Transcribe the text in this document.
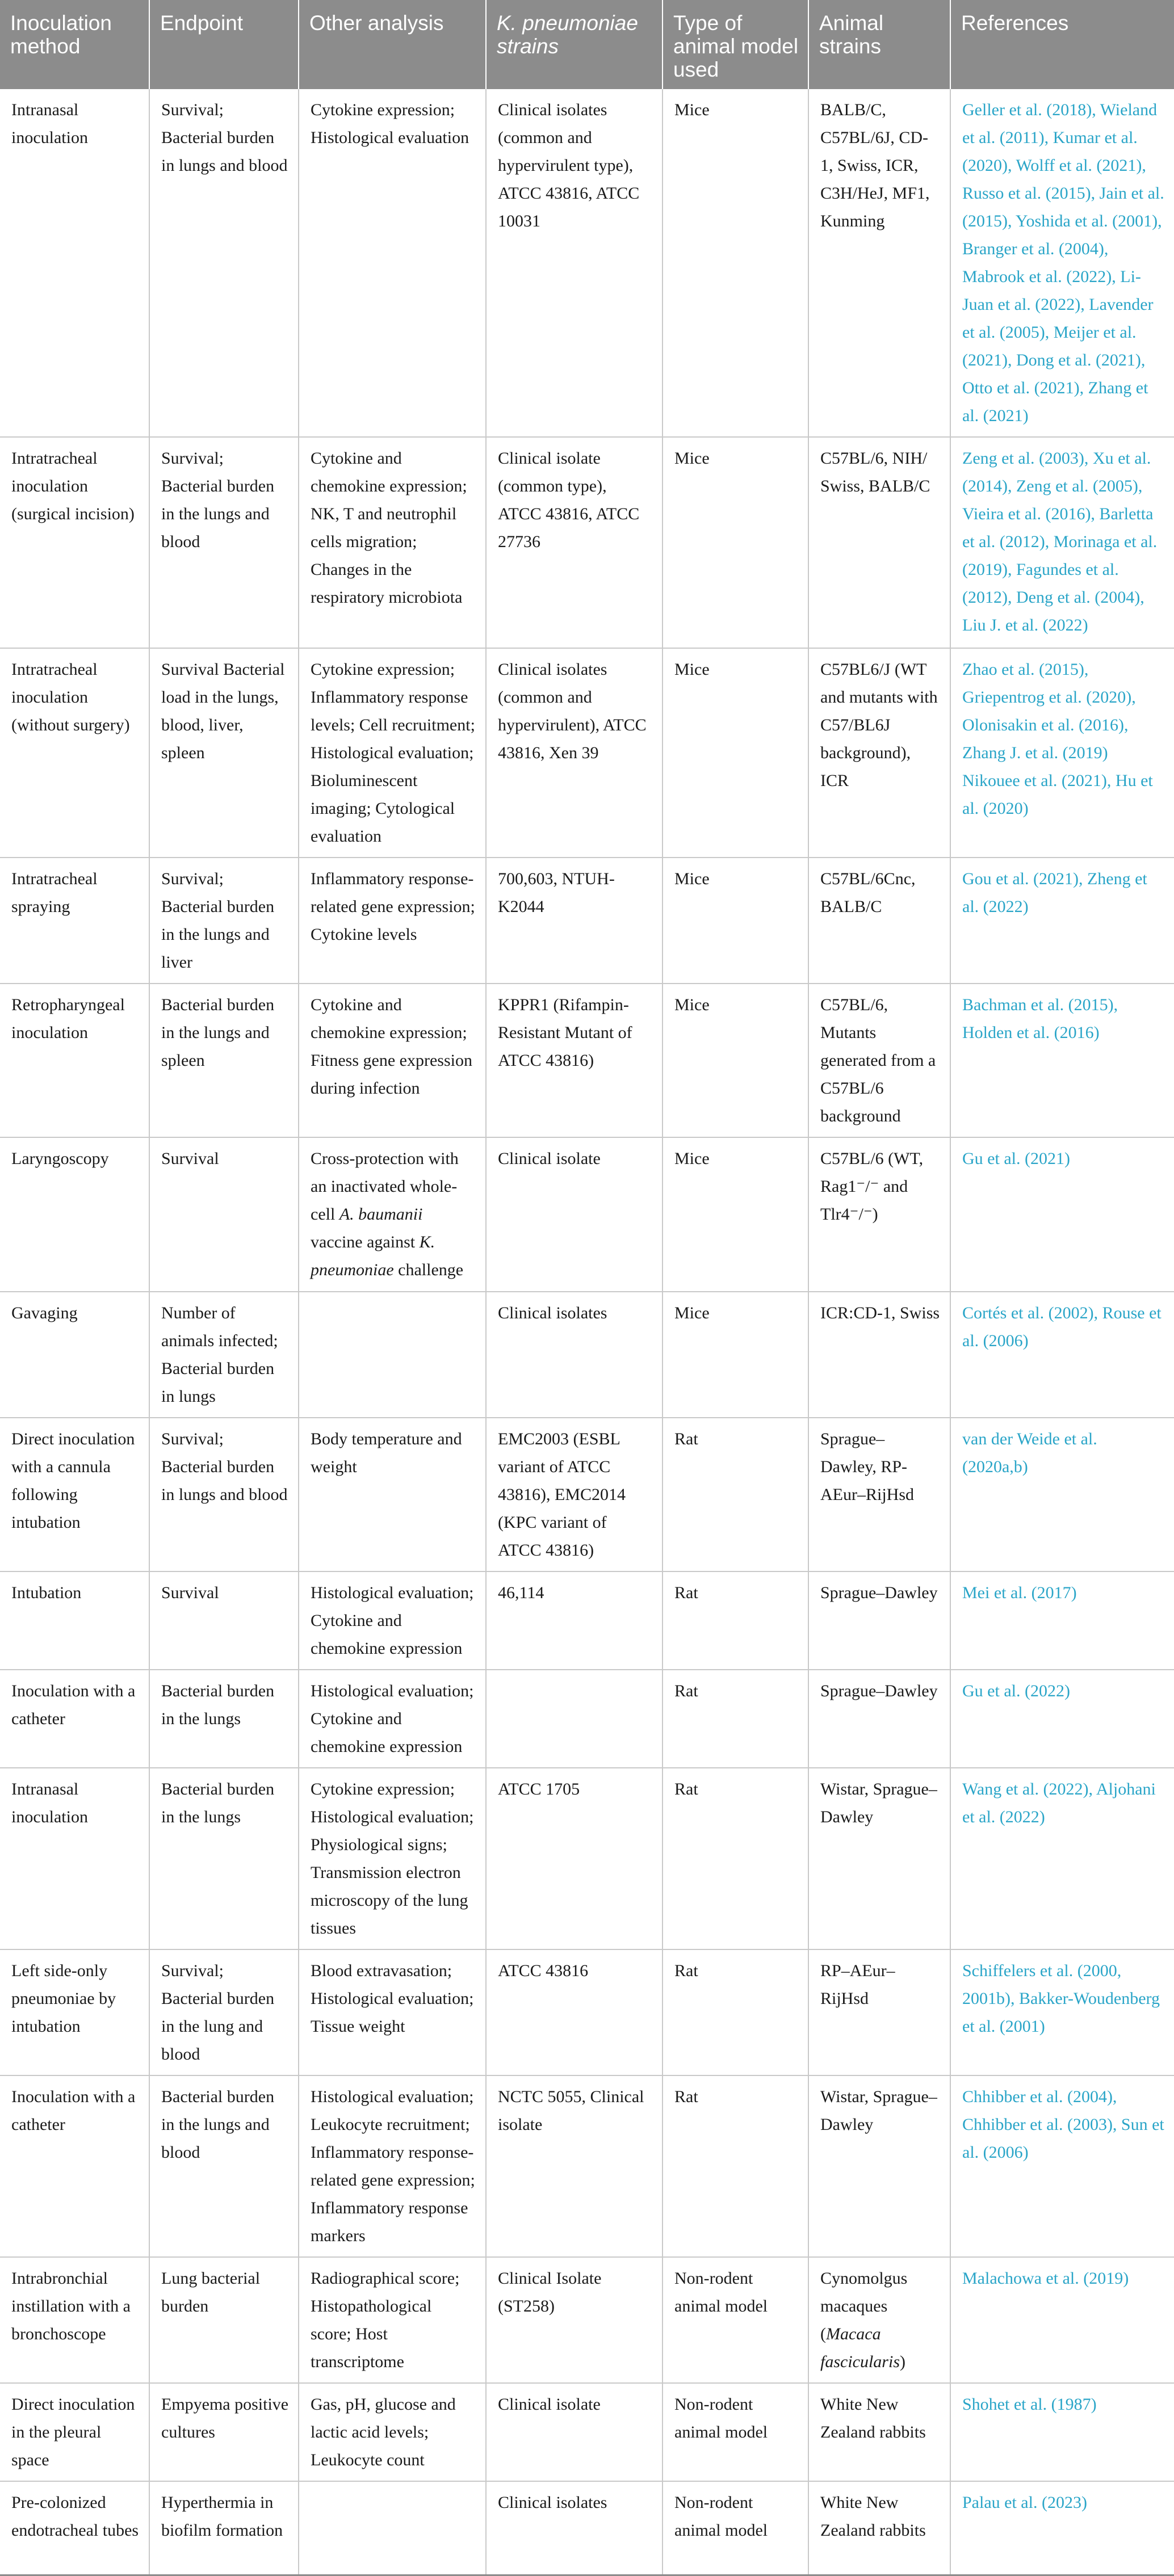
Inoculation method	Endpoint	Other analysis	K. pneumoniae strains	Type of animal model used	Animal strains	References
Intranasal inoculation	Survival; Bacterial burden in lungs and blood	Cytokine expression; Histological evaluation	Clinical isolates (common and hypervirulent type), ATCC 43816, ATCC 10031	Mice	BALB/C, C57BL/6J, CD-1, Swiss, ICR, C3H/HeJ, MF1, Kunming	Geller et al. (2018), Wieland et al. (2011), Kumar et al. (2020), Wolff et al. (2021), Russo et al. (2015), Jain et al. (2015), Yoshida et al. (2001), Branger et al. (2004), Mabrook et al. (2022), Li-Juan et al. (2022), Lavender et al. (2005), Meijer et al. (2021), Dong et al. (2021), Otto et al. (2021), Zhang et al. (2021)
Intratracheal inoculation (surgical incision)	Survival; Bacterial burden in the lungs and blood	Cytokine and chemokine expression; NK, T and neutrophil cells migration; Changes in the respiratory microbiota	Clinical isolate (common type), ATCC 43816, ATCC 27736	Mice	C57BL/6, NIH/ Swiss, BALB/C	Zeng et al. (2003), Xu et al. (2014), Zeng et al. (2005), Vieira et al. (2016), Barletta et al. (2012), Morinaga et al. (2019), Fagundes et al. (2012), Deng et al. (2004), Liu J. et al. (2022)
Intratracheal inoculation (without surgery)	Survival Bacterial load in the lungs, blood, liver, spleen	Cytokine expression; Inflammatory response levels; Cell recruitment; Histological evaluation; Bioluminescent imaging; Cytological evaluation	Clinical isolates (common and hypervirulent), ATCC 43816, Xen 39	Mice	C57BL6/J (WT and mutants with C57/BL6J background), ICR	Zhao et al. (2015), Griepentrog et al. (2020), Olonisakin et al. (2016), Zhang J. et al. (2019) Nikouee et al. (2021), Hu et al. (2020)
Intratracheal spraying	Survival; Bacterial burden in the lungs and liver	Inflammatory response-related gene expression; Cytokine levels	700,603, NTUH-K2044	Mice	C57BL/6Cnc, BALB/C	Gou et al. (2021), Zheng et al. (2022)
Retropharyngeal inoculation	Bacterial burden in the lungs and spleen	Cytokine and chemokine expression; Fitness gene expression during infection	KPPR1 (Rifampin-Resistant Mutant of ATCC 43816)	Mice	C57BL/6, Mutants generated from a C57BL/6 background	Bachman et al. (2015), Holden et al. (2016)
Laryngoscopy	Survival	Cross-protection with an inactivated whole-cell A. baumanii vaccine against K. pneumoniae challenge	Clinical isolate	Mice	C57BL/6 (WT, Rag1⁻/⁻ and Tlr4⁻/⁻)	Gu et al. (2021)
Gavaging	Number of animals infected; Bacterial burden in lungs		Clinical isolates	Mice	ICR:CD-1, Swiss	Cortés et al. (2002), Rouse et al. (2006)
Direct inoculation with a cannula following intubation	Survival; Bacterial burden in lungs and blood	Body temperature and weight	EMC2003 (ESBL variant of ATCC 43816), EMC2014 (KPC variant of ATCC 43816)	Rat	Sprague–Dawley, RP-AEur–RijHsd	van der Weide et al. (2020a,b)
Intubation	Survival	Histological evaluation; Cytokine and chemokine expression	46,114	Rat	Sprague–Dawley	Mei et al. (2017)
Inoculation with a catheter	Bacterial burden in the lungs	Histological evaluation; Cytokine and chemokine expression		Rat	Sprague–Dawley	Gu et al. (2022)
Intranasal inoculation	Bacterial burden in the lungs	Cytokine expression; Histological evaluation; Physiological signs; Transmission electron microscopy of the lung tissues	ATCC 1705	Rat	Wistar, Sprague–Dawley	Wang et al. (2022), Aljohani et al. (2022)
Left side-only pneumoniae by intubation	Survival; Bacterial burden in the lung and blood	Blood extravasation; Histological evaluation; Tissue weight	ATCC 43816	Rat	RP–AEur–RijHsd	Schiffelers et al. (2000, 2001b), Bakker-Woudenberg et al. (2001)
Inoculation with a catheter	Bacterial burden in the lungs and blood	Histological evaluation; Leukocyte recruitment; Inflammatory response-related gene expression; Inflammatory response markers	NCTC 5055, Clinical isolate	Rat	Wistar, Sprague–Dawley	Chhibber et al. (2004), Chhibber et al. (2003), Sun et al. (2006)
Intrabronchial instillation with a bronchoscope	Lung bacterial burden	Radiographical score; Histopathological score; Host transcriptome	Clinical Isolate (ST258)	Non-rodent animal model	Cynomolgus macaques (Macaca fascicularis)	Malachowa et al. (2019)
Direct inoculation in the pleural space	Empyema positive cultures	Gas, pH, glucose and lactic acid levels; Leukocyte count	Clinical isolate	Non-rodent animal model	White New Zealand rabbits	Shohet et al. (1987)
Pre-colonized endotracheal tubes	Hyperthermia in biofilm formation		Clinical isolates	Non-rodent animal model	White New Zealand rabbits	Palau et al. (2023)
